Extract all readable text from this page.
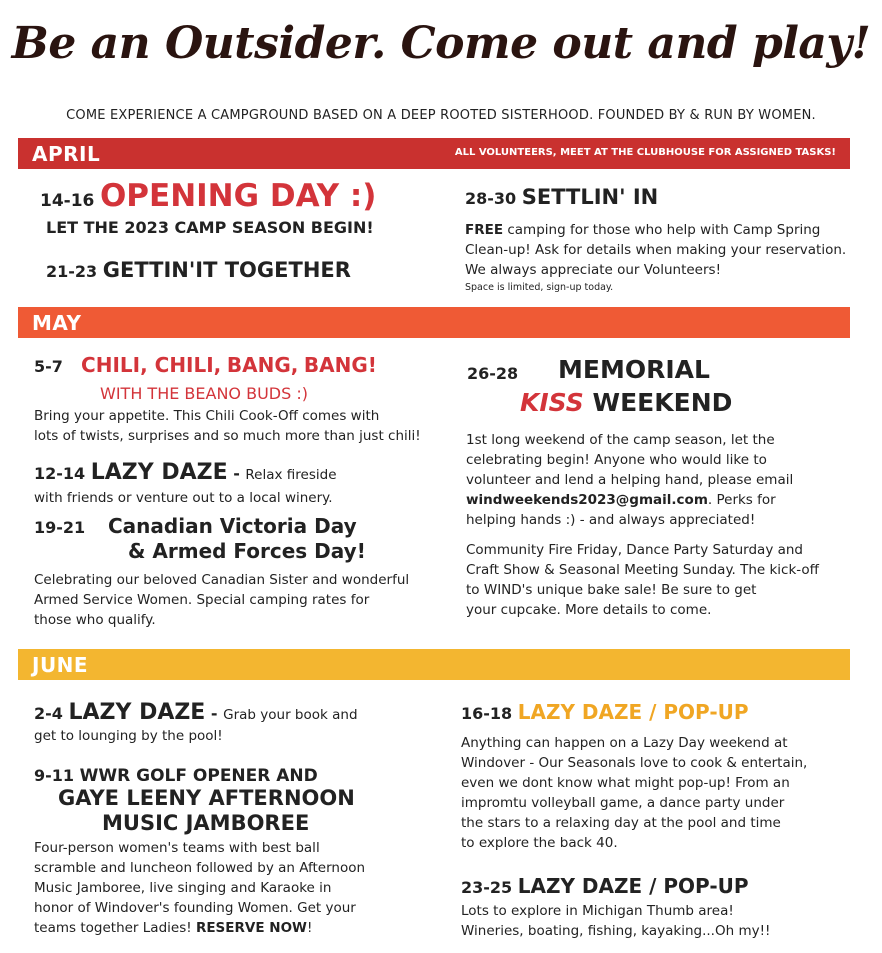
Be an Outsider. Come out and play!
COME EXPERIENCE A CAMPGROUND BASED ON A DEEP ROOTED SISTERHOOD. FOUNDED BY & RUN BY WOMEN.
APRIL	ALL VOLUNTEERS, MEET AT THE CLUBHOUSE FOR ASSIGNED TASKS!
14-16 OPENING DAY :)
LET THE 2023 CAMP SEASON BEGIN!
21-23 GETTIN'IT TOGETHER
28-30 SETTLIN' IN
FREE camping for those who help with Camp Spring
Clean-up! Ask for details when making your reservation.
We always appreciate our Volunteers!
Space is limited, sign-up today.
MAY
5-7 CHILI, CHILI, BANG, BANG!
WITH THE BEANO BUDS :)
Bring your appetite. This Chili Cook-Off comes with
lots of twists, surprises and so much more than just chili!
12-14 LAZY DAZE - Relax fireside
with friends or venture out to a local winery.
19-21 Canadian Victoria Day
& Armed Forces Day!
Celebrating our beloved Canadian Sister and wonderful
Armed Service Women. Special camping rates for
those who qualify.
26-28 MEMORIAL
KISS WEEKEND
1st long weekend of the camp season, let the
celebrating begin! Anyone who would like to
volunteer and lend a helping hand, please email
windweekends2023@gmail.com. Perks for
helping hands :) - and always appreciated!
Community Fire Friday, Dance Party Saturday and
Craft Show & Seasonal Meeting Sunday. The kick-off
to WIND's unique bake sale! Be sure to get
your cupcake. More details to come.
JUNE
2-4 LAZY DAZE - Grab your book and
get to lounging by the pool!
9-11 WWR GOLF OPENER AND
GAYE LEENY AFTERNOON
MUSIC JAMBOREE
Four-person women's teams with best ball
scramble and luncheon followed by an Afternoon
Music Jamboree, live singing and Karaoke in
honor of Windover's founding Women. Get your
teams together Ladies! RESERVE NOW!
16-18 LAZY DAZE / POP-UP
Anything can happen on a Lazy Day weekend at
Windover - Our Seasonals love to cook & entertain,
even we dont know what might pop-up! From an
impromtu volleyball game, a dance party under
the stars to a relaxing day at the pool and time
to explore the back 40.
23-25 LAZY DAZE / POP-UP
Lots to explore in Michigan Thumb area!
Wineries, boating, fishing, kayaking...Oh my!!
